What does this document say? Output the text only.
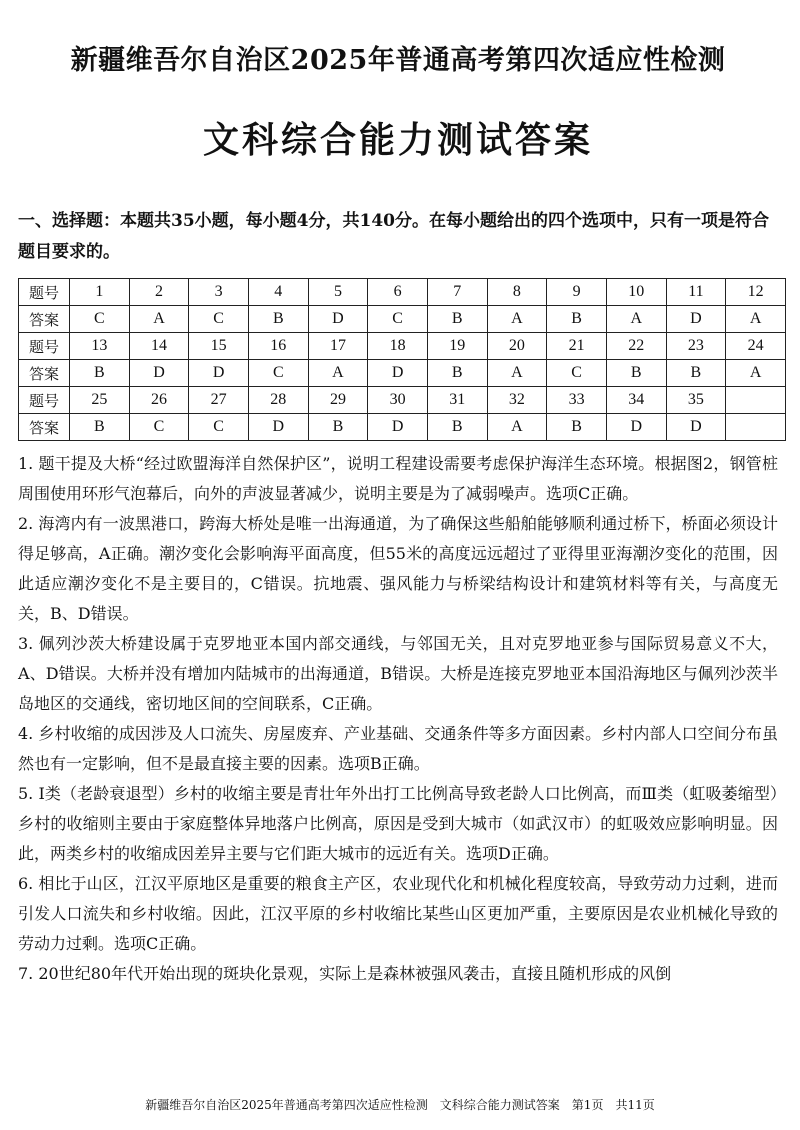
新疆维吾尔自治区2025年普通高考第四次适应性检测
文科综合能力测试答案

一、选择题：本题共35小题，每小题4分，共140分。在每小题给出的四个选项中，只有一项是符合题目要求的。

题号	1	2	3	4	5	6	7	8	9	10	11	12
答案	C	A	C	B	D	C	B	A	B	A	D	A
题号	13	14	15	16	17	18	19	20	21	22	23	24
答案	B	D	D	C	A	D	B	A	C	B	B	A
题号	25	26	27	28	29	30	31	32	33	34	35	
答案	B	C	C	D	B	D	B	A	B	D	D	

1. 题干提及大桥“经过欧盟海洋自然保护区”，说明工程建设需要考虑保护海洋生态环境。根据图2，钢管桩周围使用环形气泡幕后，向外的声波显著减少，说明主要是为了减弱噪声。选项C正确。

2. 海湾内有一波黑港口，跨海大桥处是唯一出海通道，为了确保这些船舶能够顺利通过桥下，桥面必须设计得足够高，A正确。潮汐变化会影响海平面高度，但55米的高度远远超过了亚得里亚海潮汐变化的范围，因此适应潮汐变化不是主要目的，C错误。抗地震、强风能力与桥梁结构设计和建筑材料等有关，与高度无关，B、D错误。

3. 佩列沙茨大桥建设属于克罗地亚本国内部交通线，与邻国无关，且对克罗地亚参与国际贸易意义不大，A、D错误。大桥并没有增加内陆城市的出海通道，B错误。大桥是连接克罗地亚本国沿海地区与佩列沙茨半岛地区的交通线，密切地区间的空间联系，C正确。

4. 乡村收缩的成因涉及人口流失、房屋废弃、产业基础、交通条件等多方面因素。乡村内部人口空间分布虽然也有一定影响，但不是最直接主要的因素。选项B正确。

5. Ⅰ类（老龄衰退型）乡村的收缩主要是青壮年外出打工比例高导致老龄人口比例高，而Ⅲ类（虹吸萎缩型）乡村的收缩则主要由于家庭整体异地落户比例高，原因是受到大城市（如武汉市）的虹吸效应影响明显。因此，两类乡村的收缩成因差异主要与它们距大城市的远近有关。选项D正确。

6. 相比于山区，江汉平原地区是重要的粮食主产区，农业现代化和机械化程度较高，导致劳动力过剩，进而引发人口流失和乡村收缩。因此，江汉平原的乡村收缩比某些山区更加严重，主要原因是农业机械化导致的劳动力过剩。选项C正确。

7. 20世纪80年代开始出现的斑块化景观，实际上是森林被强风袭击，直接且随机形成的风倒

新疆维吾尔自治区2025年普通高考第四次适应性检测　文科综合能力测试答案　第1页　共11页
